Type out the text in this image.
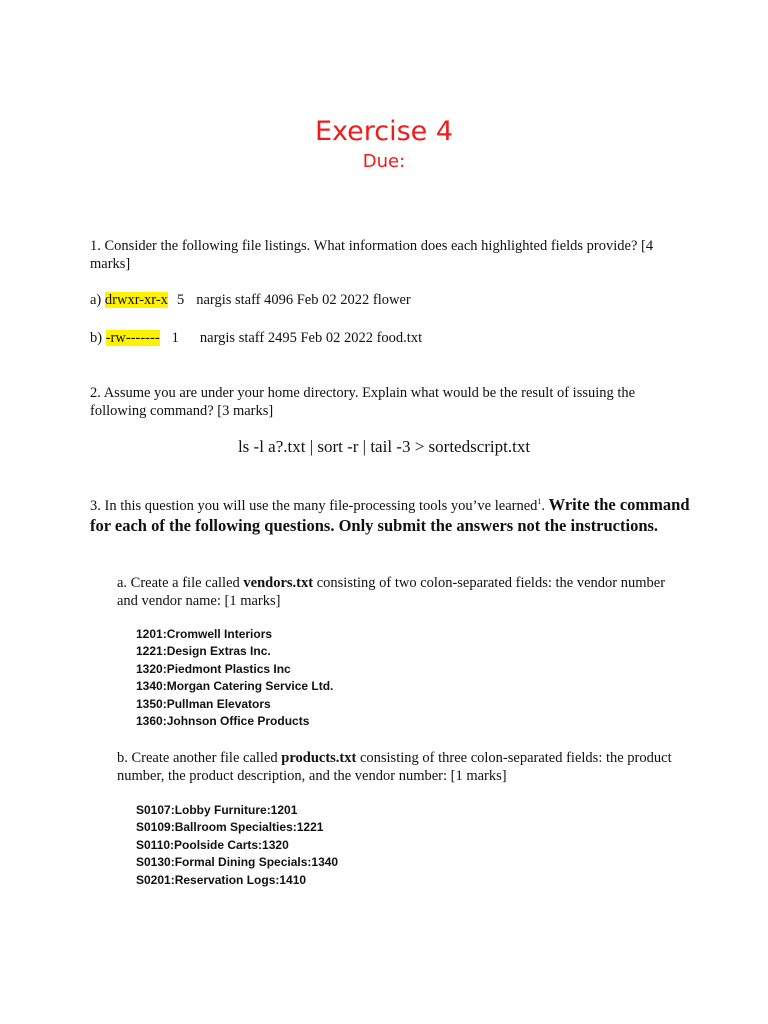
Exercise 4
Due:

1. Consider the following file listings. What information does each highlighted fields provide? [4 marks]

a) drwxr-xr-x 5 nargis staff 4096 Feb 02 2022 flower

b) -rw------- 1 nargis staff 2495 Feb 02 2022 food.txt

2. Assume you are under your home directory. Explain what would be the result of issuing the following command? [3 marks]

ls -l a?.txt | sort -r | tail -3 > sortedscript.txt

3. In this question you will use the many file-processing tools you’ve learned$^1$. Write the command for each of the following questions. Only submit the answers not the instructions.

a. Create a file called vendors.txt consisting of two colon-separated fields: the vendor number and vendor name: [1 marks]

1201:Cromwell Interiors
1221:Design Extras Inc.
1320:Piedmont Plastics Inc
1340:Morgan Catering Service Ltd.
1350:Pullman Elevators
1360:Johnson Office Products

b. Create another file called products.txt consisting of three colon-separated fields: the product number, the product description, and the vendor number: [1 marks]

S0107:Lobby Furniture:1201
S0109:Ballroom Specialties:1221
S0110:Poolside Carts:1320
S0130:Formal Dining Specials:1340
S0201:Reservation Logs:1410
